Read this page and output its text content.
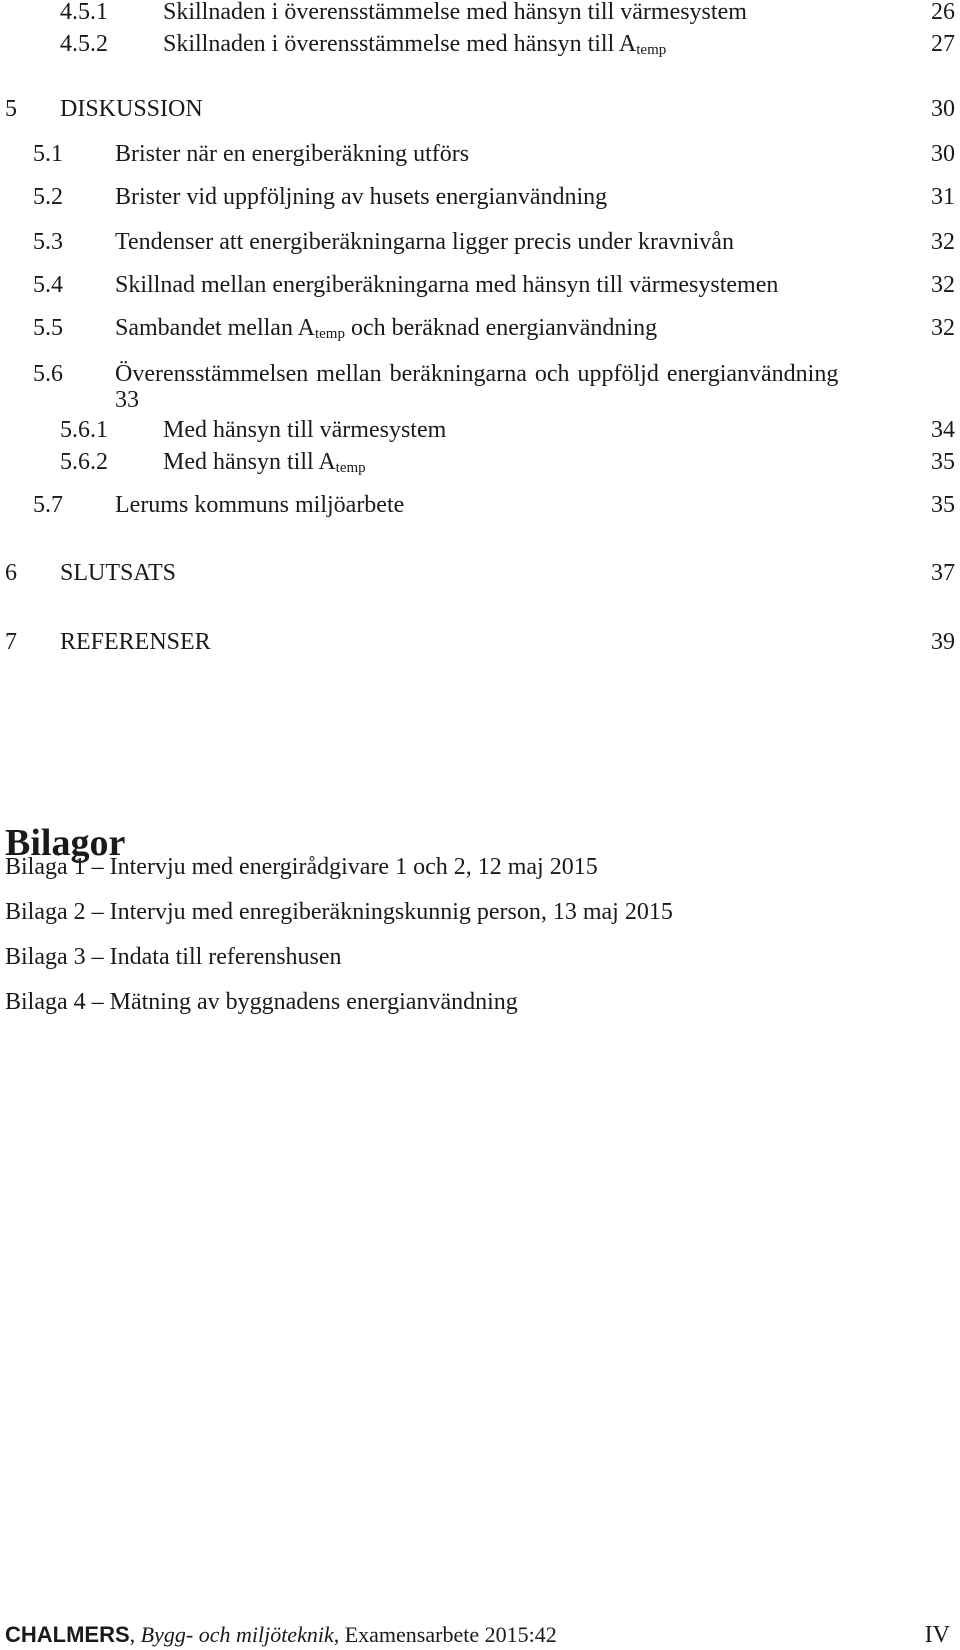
4.5.1 Skillnaden i överensstämmelse med hänsyn till värmesystem	26
4.5.2 Skillnaden i överensstämmelse med hänsyn till $A_{temp}$	27
5 DISKUSSION	30
5.1 Brister när en energiberäkning utförs	30
5.2 Brister vid uppföljning av husets energianvändning	31
5.3 Tendenser att energiberäkningarna ligger precis under kravnivån	32
5.4 Skillnad mellan energiberäkningarna med hänsyn till värmesystemen	32
5.5 Sambandet mellan $A_{temp}$ och beräknad energianvändning	32
5.6 Överensstämmelsen mellan beräkningarna och uppföljd energianvändning
33
5.6.1 Med hänsyn till värmesystem	34
5.6.2 Med hänsyn till $A_{temp}$	35
5.7 Lerums kommuns miljöarbete	35
6 SLUTSATS	37
7 REFERENSER	39
Bilagor
Bilaga 1 – Intervju med energirådgivare 1 och 2, 12 maj 2015
Bilaga 2 – Intervju med enregiberäkningskunnig person, 13 maj 2015
Bilaga 3 – Indata till referenshusen
Bilaga 4 – Mätning av byggnadens energianvändning
CHALMERS, Bygg- och miljöteknik, Examensarbete 2015:42	IV
